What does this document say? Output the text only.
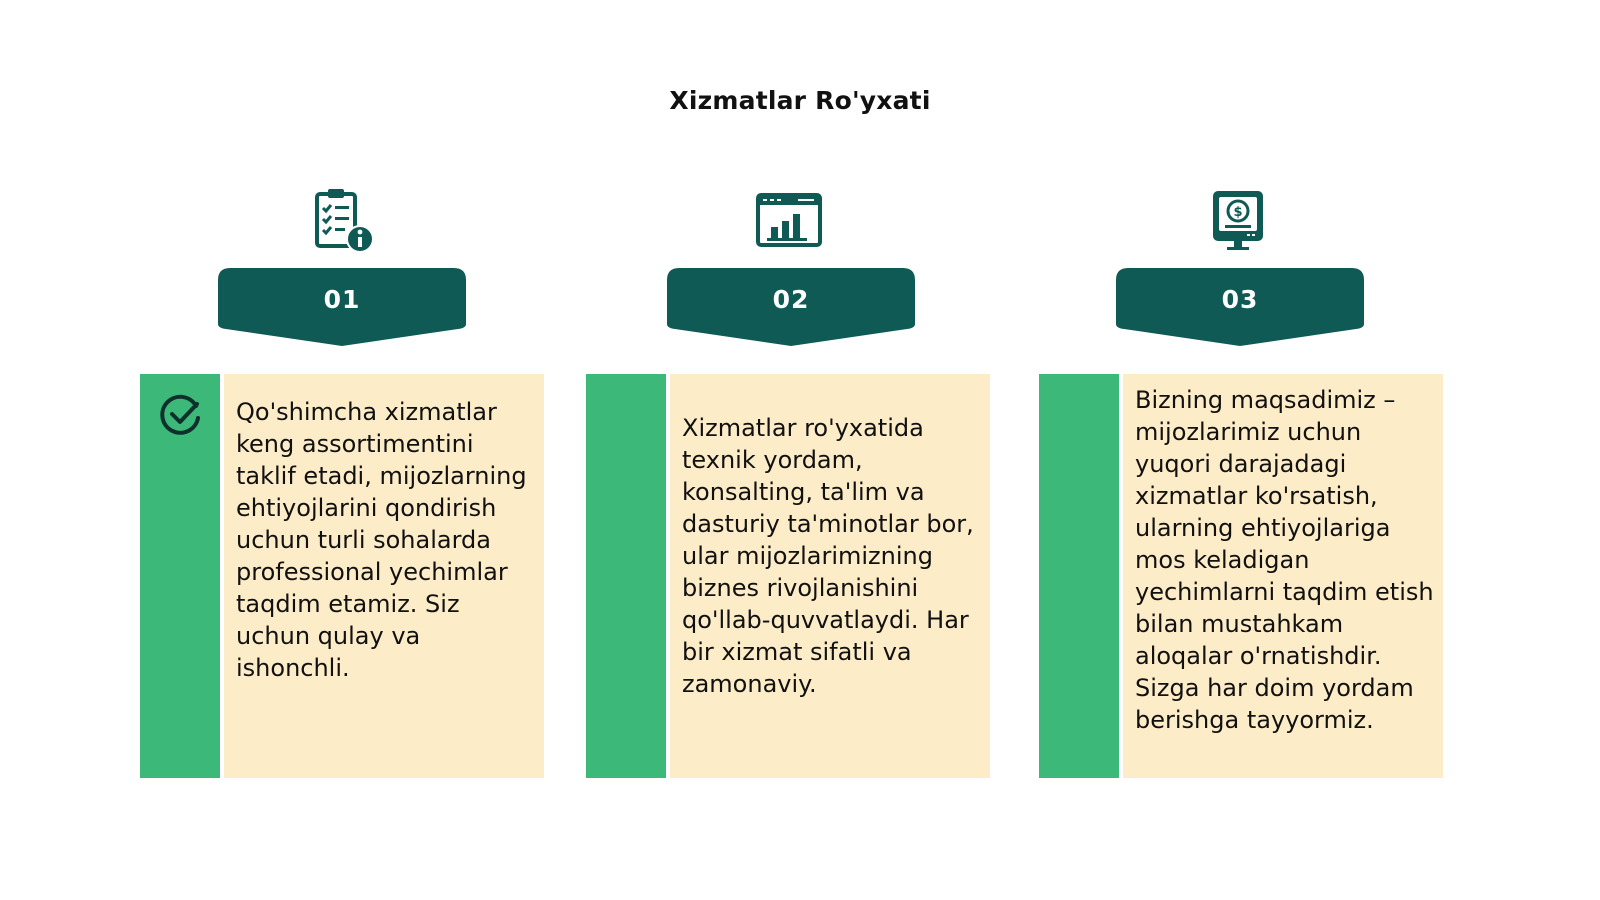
Xizmatlar Ro'yxati
01
Qo'shimcha xizmatlar keng assortimentini taklif etadi, mijozlarning ehtiyojlarini qondirish uchun turli sohalarda professional yechimlar taqdim etamiz. Siz uchun qulay va ishonchli.
02
Xizmatlar ro'yxatida texnik yordam, konsalting, ta'lim va dasturiy ta'minotlar bor, ular mijozlarimizning biznes rivojlanishini qo'llab-quvvatlaydi. Har bir xizmat sifatli va zamonaviy.
$
03
Bizning maqsadimiz – mijozlarimiz uchun yuqori darajadagi xizmatlar ko'rsatish, ularning ehtiyojlariga mos keladigan yechimlarni taqdim etish bilan mustahkam aloqalar o'rnatishdir. Sizga har doim yordam berishga tayyormiz.
